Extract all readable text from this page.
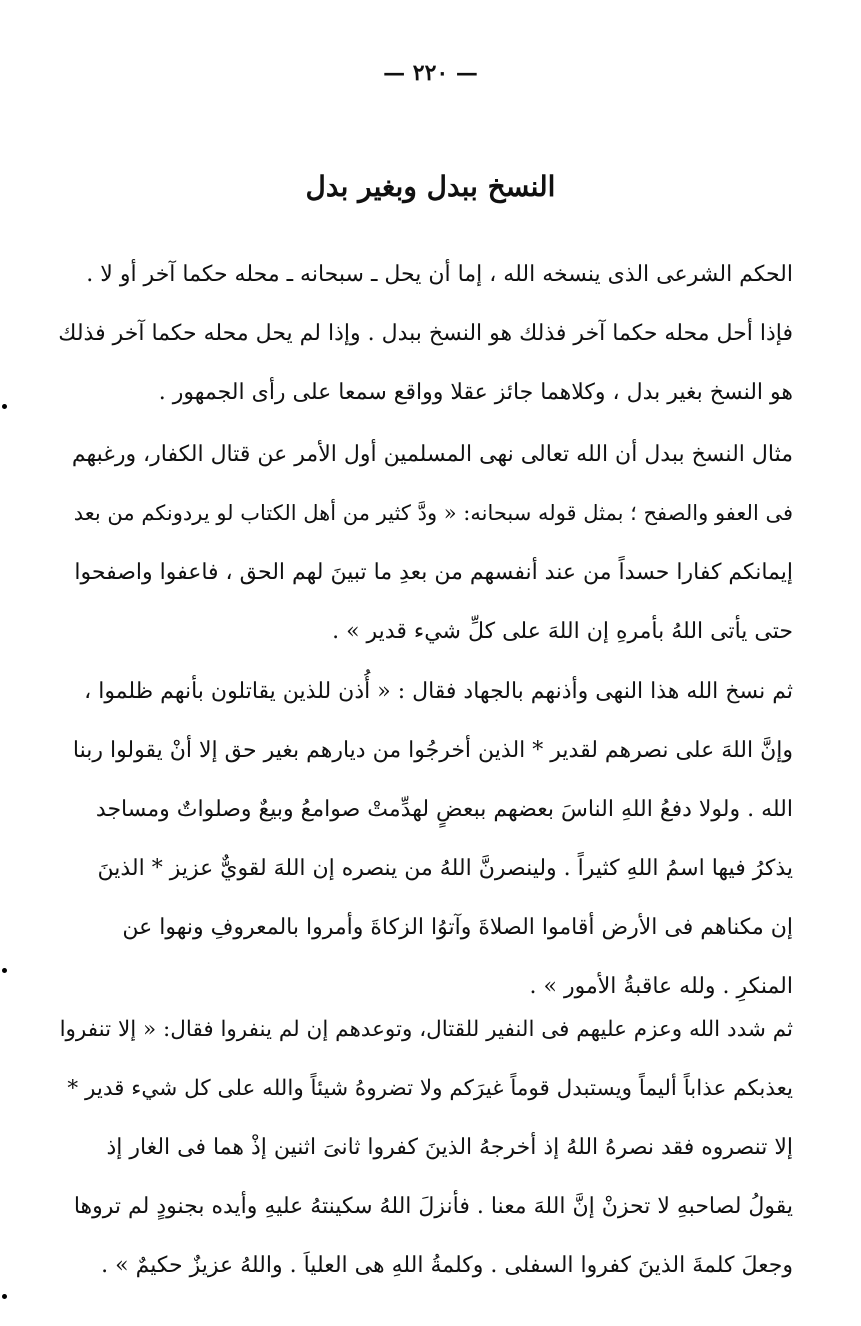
— ٢٢٠ —
النسخ ببدل وبغير بدل
الحكم الشرعى الذى ينسخه الله ، إما أن يحل ـ سبحانه ـ محله حكما آخر أو لا .
فإذا أحل محله حكما آخر فذلك هو النسخ ببدل . وإذا لم يحل محله حكما آخر فذلك
هو النسخ بغير بدل ، وكلاهما جائز عقلا وواقع سمعا على رأى الجمهور .
مثال النسخ ببدل أن الله تعالى نهى المسلمين أول الأمر عن قتال الكفار، ورغبهم
فى العفو والصفح ؛ بمثل قوله سبحانه: « ودَّ كثير من أهل الكتاب لو يردونكم من بعد
إيمانكم كفارا حسداً من عند أنفسهم من بعدِ ما تبينَ لهم الحق ، فاعفوا واصفحوا
حتى يأتى اللهُ بأمرهِ إن اللهَ على كلِّ شيء قدير » .
ثم نسخ الله هذا النهى وأذنهم بالجهاد فقال : « أُذن للذين يقاتلون بأنهم ظلموا ،
وإنَّ اللهَ على نصرهم لقدير * الذين أخرجُوا من ديارهم بغير حق إلا أنْ يقولوا ربنا
الله . ولولا دفعُ اللهِ الناسَ بعضهم ببعضٍ لهدِّمتْ صوامعُ وبيعٌ وصلواتٌ ومساجد
يذكرُ فيها اسمُ اللهِ كثيراً . ولينصرنَّ اللهُ من ينصره إن اللهَ لقويٌّ عزيز * الذينَ
إن مكناهم فى الأرض أقاموا الصلاةَ وآتوُا الزكاةَ وأمروا بالمعروفِ ونهوا عن
المنكرِ . ولله عاقبةُ الأمور » .
ثم شدد الله وعزم عليهم فى النفير للقتال، وتوعدهم إن لم ينفروا فقال: « إلا تنفروا
يعذبكم عذاباً أليماً ويستبدل قوماً غيرَكم ولا تضروهُ شيئاً والله على كل شيء قدير *
إلا تنصروه فقد نصرهُ اللهُ إذ أخرجهُ الذينَ كفروا ثانىَ اثنين إذْ هما فى الغار إذ
يقولُ لصاحبهِ لا تحزنْ إنَّ اللهَ معنا . فأنزلَ اللهُ سكينتهُ عليهِ وأيده بجنودٍ لم تروها
وجعلَ كلمةَ الذينَ كفروا السفلى . وكلمةُ اللهِ هى العلياَ . واللهُ عزيزٌ حكيمٌ » .
